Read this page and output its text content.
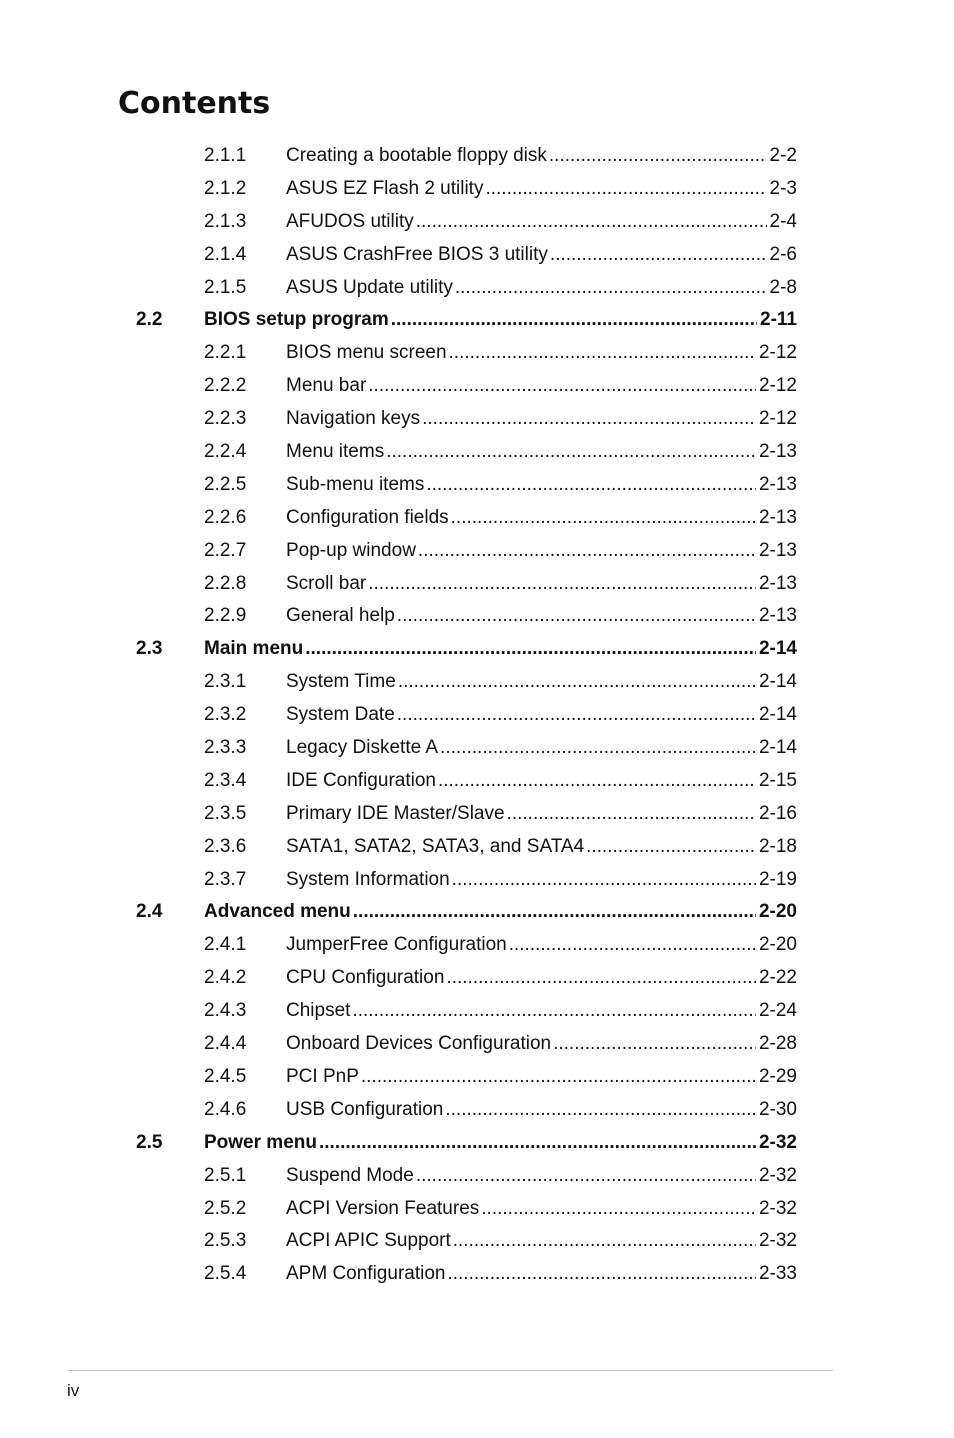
Contents
2.1.1 Creating a bootable floppy disk .....	2-2
2.1.2 ASUS EZ Flash 2 utility .....	2-3
2.1.3 AFUDOS utility .....	2-4
2.1.4 ASUS CrashFree BIOS 3 utility .....	2-6
2.1.5 ASUS Update utility .....	2-8
2.2 BIOS setup program .....	2-11
2.2.1 BIOS menu screen .....	2-12
2.2.2 Menu bar .....	2-12
2.2.3 Navigation keys .....	2-12
2.2.4 Menu items .....	2-13
2.2.5 Sub-menu items .....	2-13
2.2.6 Configuration fields .....	2-13
2.2.7 Pop-up window .....	2-13
2.2.8 Scroll bar .....	2-13
2.2.9 General help .....	2-13
2.3 Main menu .....	2-14
2.3.1 System Time .....	2-14
2.3.2 System Date .....	2-14
2.3.3 Legacy Diskette A .....	2-14
2.3.4 IDE Configuration .....	2-15
2.3.5 Primary IDE Master/Slave .....	2-16
2.3.6 SATA1, SATA2, SATA3, and SATA4 .....	2-18
2.3.7 System Information .....	2-19
2.4 Advanced menu .....	2-20
2.4.1 JumperFree Configuration .....	2-20
2.4.2 CPU Configuration .....	2-22
2.4.3 Chipset .....	2-24
2.4.4 Onboard Devices Configuration .....	2-28
2.4.5 PCI PnP .....	2-29
2.4.6 USB Configuration .....	2-30
2.5 Power menu .....	2-32
2.5.1 Suspend Mode .....	2-32
2.5.2 ACPI Version Features .....	2-32
2.5.3 ACPI APIC Support .....	2-32
2.5.4 APM Configuration .....	2-33
iv
